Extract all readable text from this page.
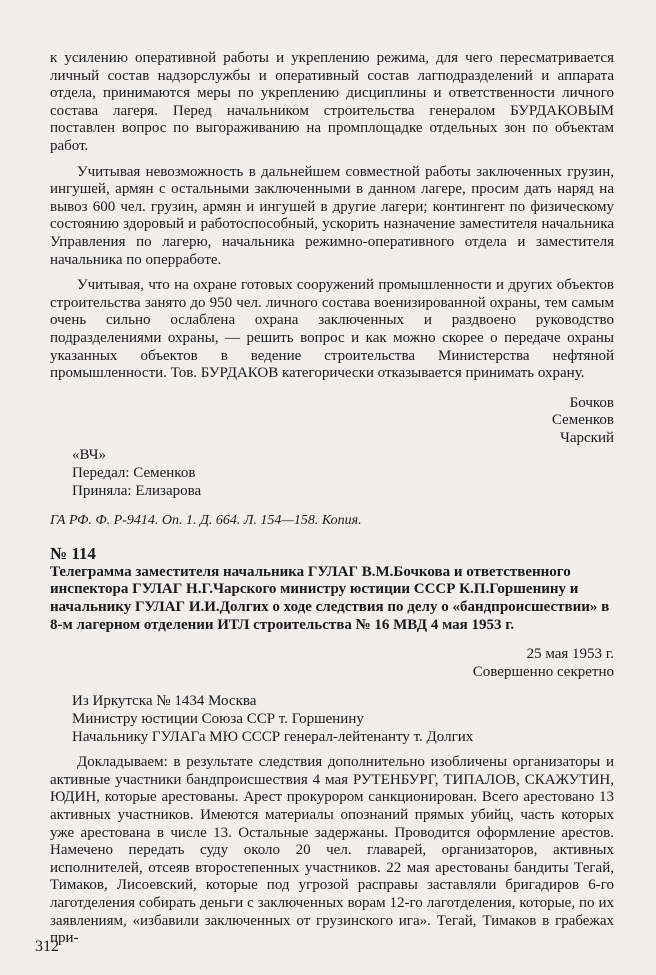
к усилению оперативной работы и укреплению режима, для чего пересматривается личный состав надзорслужбы и оперативный состав лагподразделений и аппарата отдела, принимаются меры по укреплению дисциплины и ответственности личного состава лагеря. Перед начальником строительства генералом БУРДАКОВЫМ поставлен вопрос по выгораживанию на промплощадке отдельных зон по объектам работ.

Учитывая невозможность в дальнейшем совместной работы заключенных грузин, ингушей, армян с остальными заключенными в данном лагере, просим дать наряд на вывоз 600 чел. грузин, армян и ингушей в другие лагери; контингент по физическому состоянию здоровый и работоспособный, ускорить назначение заместителя начальника Управления по лагерю, начальника режимно-оперативного отдела и заместителя начальника по оперработе.

Учитывая, что на охране готовых сооружений промышленности и других объектов строительства занято до 950 чел. личного состава военизированной охраны, тем самым очень сильно ослаблена охрана заключенных и раздвоено руководство подразделениями охраны, — решить вопрос и как можно скорее о передаче охраны указанных объектов в ведение строительства Министерства нефтяной промышленности. Тов. БУРДАКОВ категорически отказывается принимать охрану.

Бочков
Семенков
Чарский

«ВЧ»

Передал: Семенков

Приняла: Елизарова

ГА РФ. Ф. Р-9414. Оп. 1. Д. 664. Л. 154—158. Копия.

№ 114

Телеграмма заместителя начальника ГУЛАГ В.М.Бочкова и ответственного инспектора ГУЛАГ Н.Г.Чарского министру юстиции СССР К.П.Горшенину и начальнику ГУЛАГ И.И.Долгих о ходе следствия по делу о «бандпроисшествии» в 8-м лагерном отделении ИТЛ строительства № 16 МВД 4 мая 1953 г.

25 мая 1953 г.
Совершенно секретно

Из Иркутска № 1434 Москва

Министру юстиции Союза ССР т. Горшенину

Начальнику ГУЛАГа МЮ СССР генерал-лейтенанту т. Долгих

Докладываем: в результате следствия дополнительно изобличены организаторы и активные участники бандпроисшествия 4 мая РУТЕНБУРГ, ТИПАЛОВ, СКАЖУТИН, ЮДИН, которые арестованы. Арест прокурором санкционирован. Всего арестовано 13 активных участников. Имеются материалы опознаний прямых убийц, часть которых уже арестована в числе 13. Остальные задержаны. Проводится оформление арестов. Намечено передать суду около 20 чел. главарей, организаторов, активных исполнителей, отсеяв второстепенных участников. 22 мая арестованы бандиты Тегай, Тимаков, Лисоевский, которые под угрозой расправы заставляли бригадиров 6-го лаготделения собирать деньги с заключенных ворам 12-го лаготделения, которые, по их заявлениям, «избавили заключенных от грузинского ига». Тегай, Тимаков в грабежах при-

312
